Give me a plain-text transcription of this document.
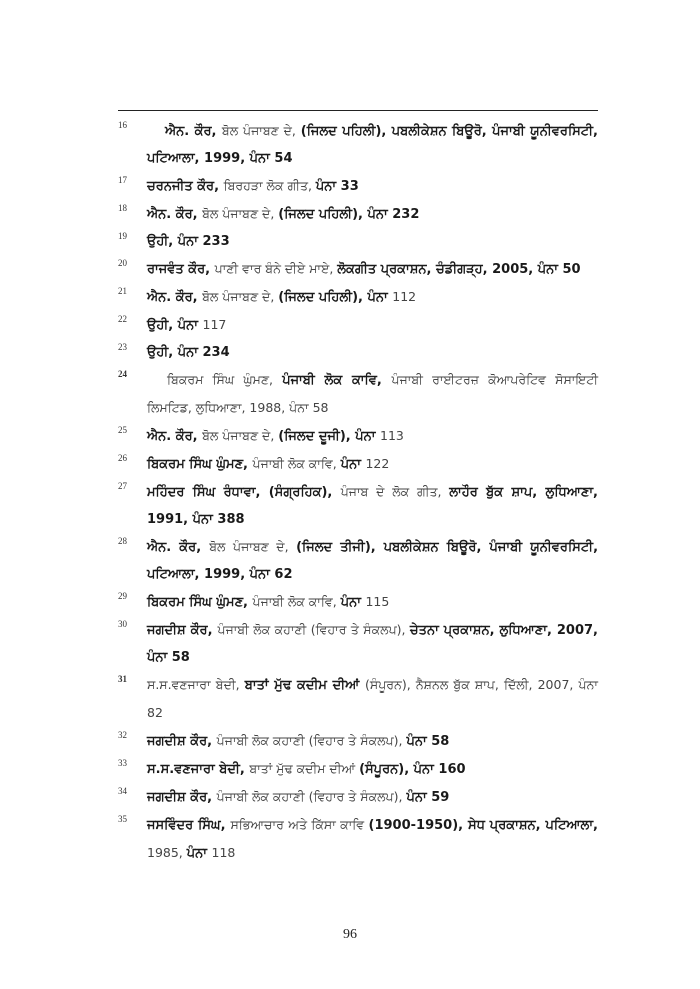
16	ਐਨ. ਕੌਰ, ਬੋਲ ਪੰਜਾਬਣ ਦੇ, (ਜਿਲਦ ਪਹਿਲੀ), ਪਬਲੀਕੇਸ਼ਨ ਬਿਊਰੋ, ਪੰਜਾਬੀ ਯੂਨੀਵਰਸਿਟੀ, ਪਟਿਆਲਾ, 1999, ਪੰਨਾ 54
17 ਚਰਨਜੀਤ ਕੌਰ, ਬਿਰਹੜਾ ਲੋਕ ਗੀਤ, ਪੰਨਾ 33
18 ਐਨ. ਕੌਰ, ਬੋਲ ਪੰਜਾਬਣ ਦੇ, (ਜਿਲਦ ਪਹਿਲੀ), ਪੰਨਾ 232
19 ਉਹੀ, ਪੰਨਾ 233
20 ਰਾਜਵੰਤ ਕੌਰ, ਪਾਣੀ ਵਾਰ ਬੰਨੇ ਦੀਏ ਮਾਏ, ਲੋਕਗੀਤ ਪ੍ਰਕਾਸ਼ਨ, ਚੰਡੀਗੜ੍ਹ, 2005, ਪੰਨਾ 50
21 ਐਨ. ਕੌਰ, ਬੋਲ ਪੰਜਾਬਣ ਦੇ, (ਜਿਲਦ ਪਹਿਲੀ), ਪੰਨਾ 112
22 ਉਹੀ, ਪੰਨਾ 117
23 ਉਹੀ, ਪੰਨਾ 234
24	ਬਿਕਰਮ ਸਿੰਘ ਘੁੰਮਣ, ਪੰਜਾਬੀ ਲੋਕ ਕਾਵਿ, ਪੰਜਾਬੀ ਰਾਈਟਰਜ਼ ਕੋਆਪਰੇਟਿਵ ਸੋਸਾਇਟੀ ਲਿਮਟਿਡ, ਲੁਧਿਆਣਾ, 1988, ਪੰਨਾ 58
25 ਐਨ. ਕੌਰ, ਬੋਲ ਪੰਜਾਬਣ ਦੇ, (ਜਿਲਦ ਦੂਜੀ), ਪੰਨਾ 113
26 ਬਿਕਰਮ ਸਿੰਘ ਘੁੰਮਣ, ਪੰਜਾਬੀ ਲੋਕ ਕਾਵਿ, ਪੰਨਾ 122
27 ਮਹਿੰਦਰ ਸਿੰਘ ਰੰਧਾਵਾ, (ਸੰਗ੍ਰਹਿਕ), ਪੰਜਾਬ ਦੇ ਲੋਕ ਗੀਤ, ਲਾਹੌਰ ਬੁੱਕ ਸ਼ਾਪ, ਲੁਧਿਆਣਾ, 1991, ਪੰਨਾ 388
28 ਐਨ. ਕੌਰ, ਬੋਲ ਪੰਜਾਬਣ ਦੇ, (ਜਿਲਦ ਤੀਜੀ), ਪਬਲੀਕੇਸ਼ਨ ਬਿਊਰੋ, ਪੰਜਾਬੀ ਯੂਨੀਵਰਸਿਟੀ, ਪਟਿਆਲਾ, 1999, ਪੰਨਾ 62
29 ਬਿਕਰਮ ਸਿੰਘ ਘੁੰਮਣ, ਪੰਜਾਬੀ ਲੋਕ ਕਾਵਿ, ਪੰਨਾ 115
30 ਜਗਦੀਸ਼ ਕੌਰ, ਪੰਜਾਬੀ ਲੋਕ ਕਹਾਣੀ (ਵਿਹਾਰ ਤੇ ਸੰਕਲਪ), ਚੇਤਨਾ ਪ੍ਰਕਾਸ਼ਨ, ਲੁਧਿਆਣਾ, 2007, ਪੰਨਾ 58
31 ਸ.ਸ.ਵਣਜਾਰਾ ਬੇਦੀ, ਬਾਤਾਂ ਮੁੱਢ ਕਦੀਮ ਦੀਆਂ (ਸੰਪੂਰਨ), ਨੈਸ਼ਨਲ ਬੁੱਕ ਸ਼ਾਪ, ਦਿੱਲੀ, 2007, ਪੰਨਾ 82
32 ਜਗਦੀਸ਼ ਕੌਰ, ਪੰਜਾਬੀ ਲੋਕ ਕਹਾਣੀ (ਵਿਹਾਰ ਤੇ ਸੰਕਲਪ), ਪੰਨਾ 58
33 ਸ.ਸ.ਵਣਜਾਰਾ ਬੇਦੀ, ਬਾਤਾਂ ਮੁੱਢ ਕਦੀਮ ਦੀਆਂ (ਸੰਪੂਰਨ), ਪੰਨਾ 160
34 ਜਗਦੀਸ਼ ਕੌਰ, ਪੰਜਾਬੀ ਲੋਕ ਕਹਾਣੀ (ਵਿਹਾਰ ਤੇ ਸੰਕਲਪ), ਪੰਨਾ 59
35 ਜਸਵਿੰਦਰ ਸਿੰਘ, ਸਭਿਆਚਾਰ ਅਤੇ ਕਿੱਸਾ ਕਾਵਿ (1900-1950), ਸੇਧ ਪ੍ਰਕਾਸ਼ਨ, ਪਟਿਆਲਾ, 1985, ਪੰਨਾ 118
96
